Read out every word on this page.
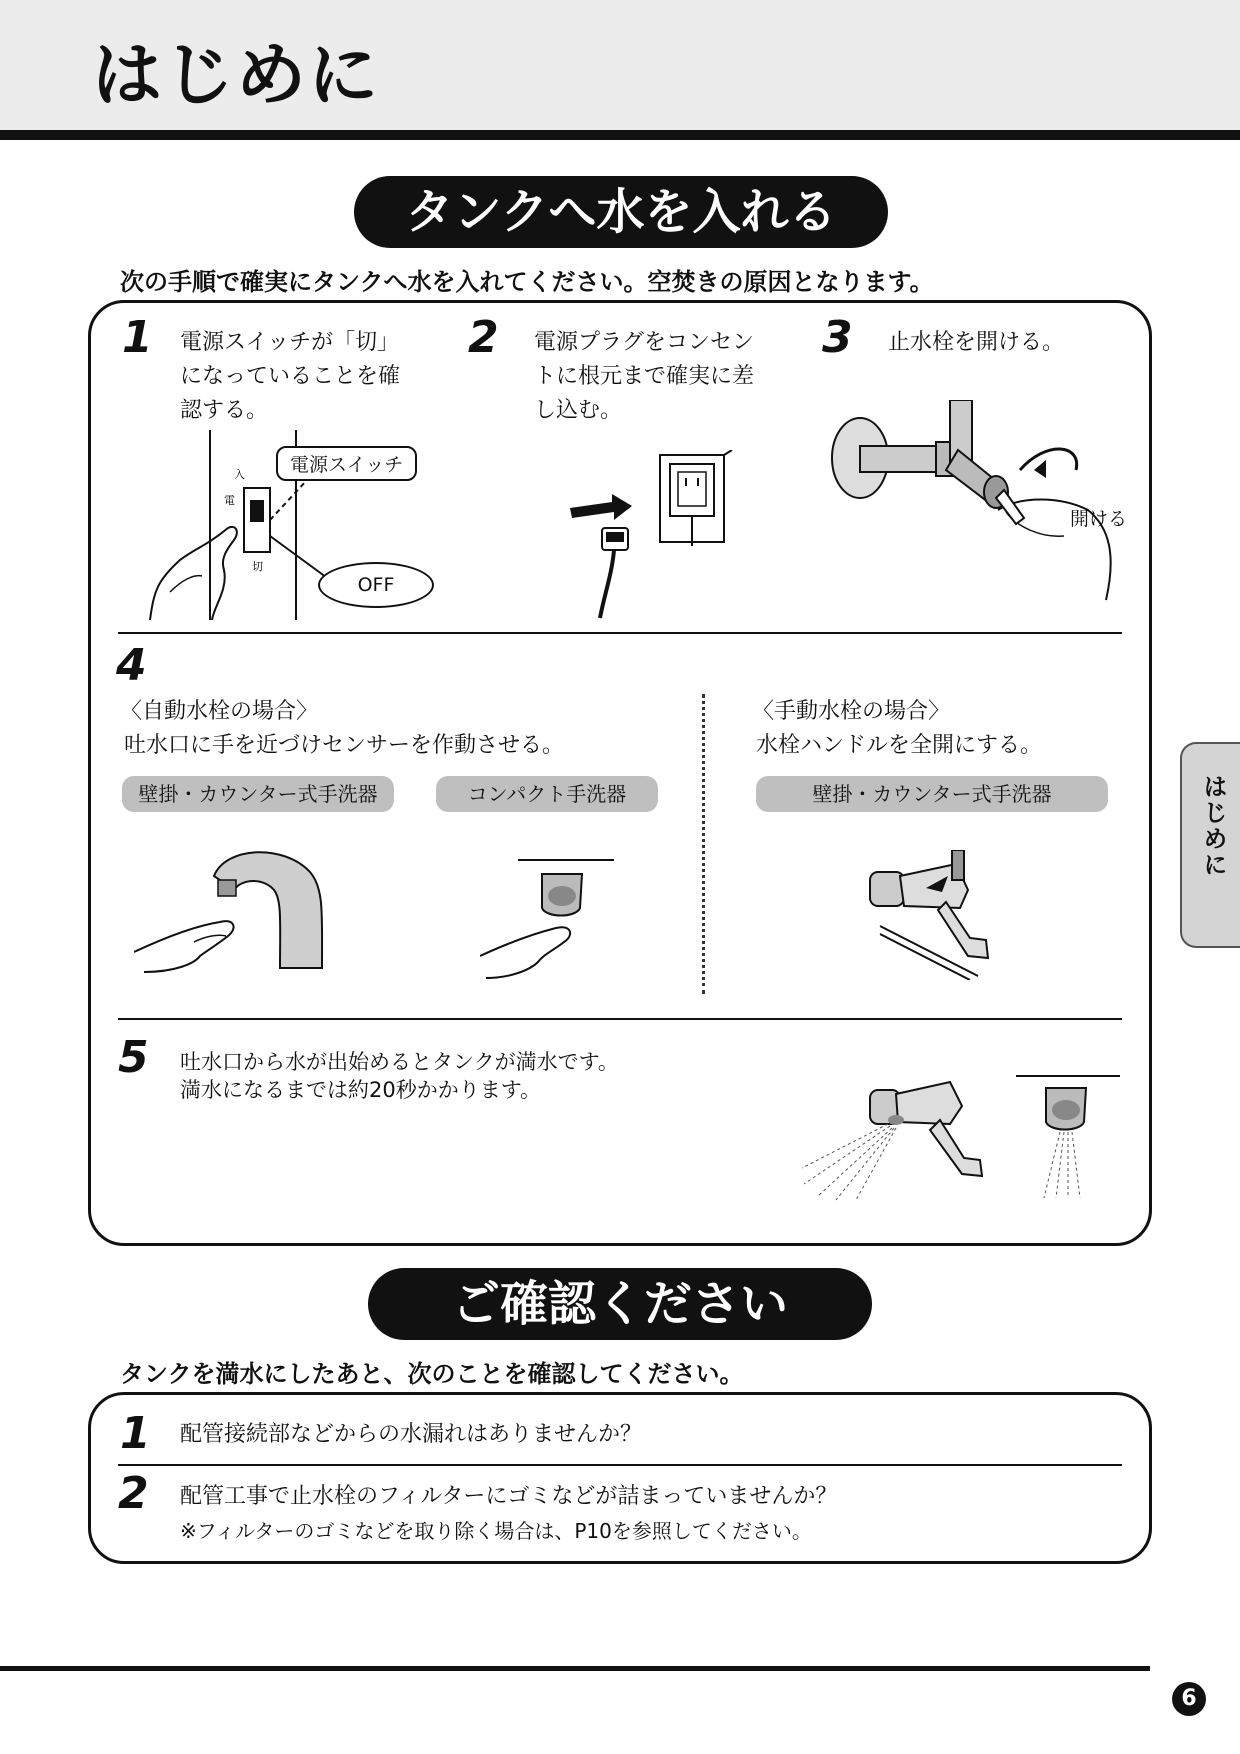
はじめに
タンクへ水を入れる
次の手順で確実にタンクへ水を入れてください。空焚きの原因となります。
1 電源スイッチが「切」
になっていることを確
認する。
入
電
切
電源スイッチ
OFF
2 電源プラグをコンセン
トに根元まで確実に差
し込む。
3 止水栓を開ける。
開ける
4
〈自動水栓の場合〉
吐水口に手を近づけセンサーを作動させる。
壁掛・カウンター式手洗器	コンパクト手洗器
〈手動水栓の場合〉
水栓ハンドルを全開にする。
壁掛・カウンター式手洗器
5 吐水口から水が出始めるとタンクが満水です。
満水になるまでは約20秒かかります。
ご確認ください
タンクを満水にしたあと、次のことを確認してください。
1 配管接続部などからの水漏れはありませんか？
2 配管工事で止水栓のフィルターにゴミなどが詰まっていませんか？
※フィルターのゴミなどを取り除く場合は、P10を参照してください。
はじめに
6
